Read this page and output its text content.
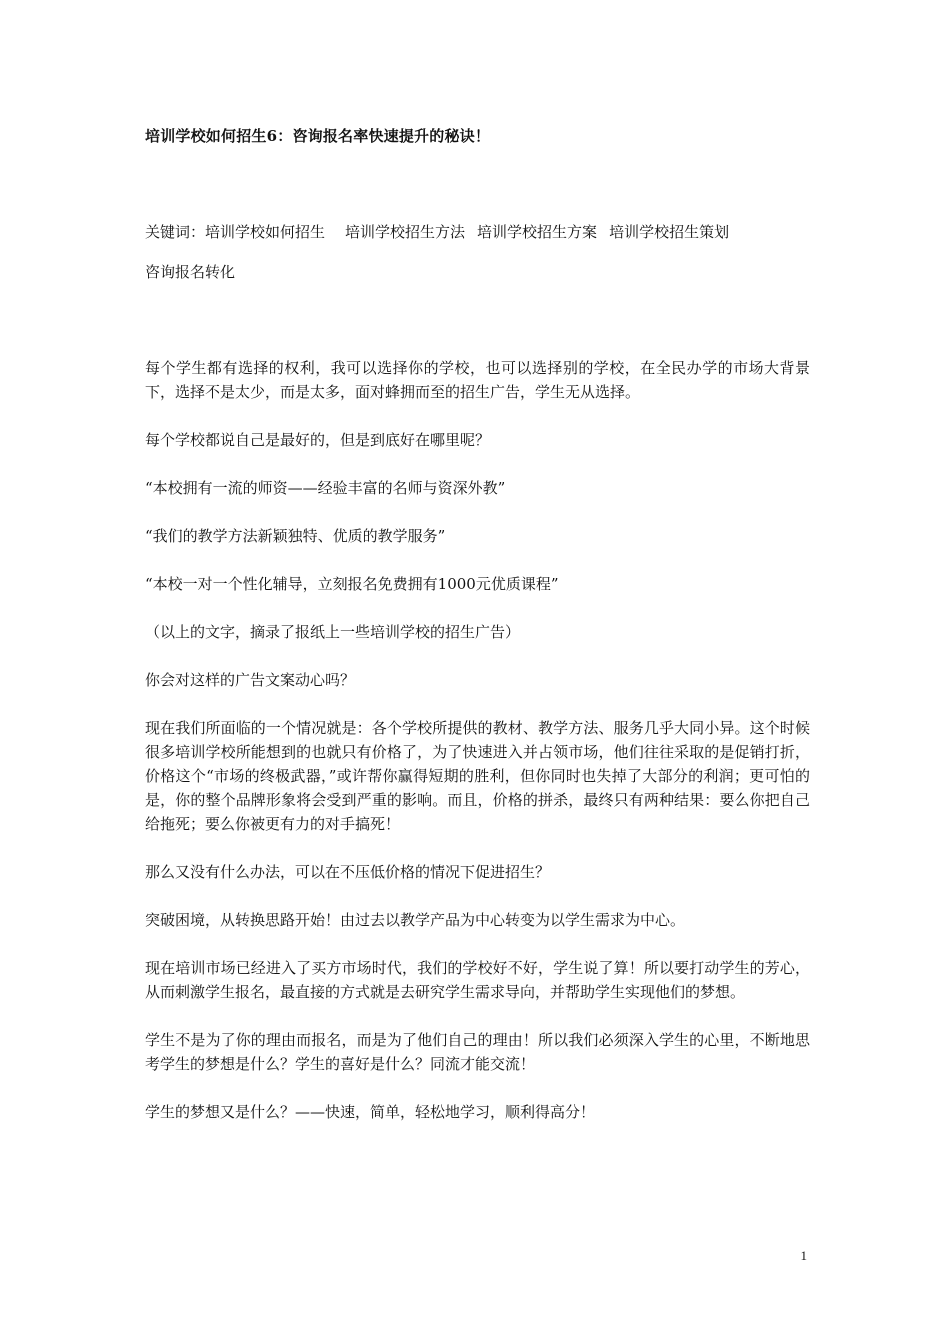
培训学校如何招生6：咨询报名率快速提升的秘诀！
关键词：培训学校如何招生 培训学校招生方法 培训学校招生方案 培训学校招生策划
咨询报名转化

每个学生都有选择的权利，我可以选择你的学校，也可以选择别的学校，在全民办学的市场大背景下，选择不是太少，而是太多，面对蜂拥而至的招生广告，学生无从选择。

每个学校都说自己是最好的，但是到底好在哪里呢？

“本校拥有一流的师资——经验丰富的名师与资深外教”

“我们的教学方法新颖独特、优质的教学服务”

“本校一对一个性化辅导，立刻报名免费拥有1000元优质课程”

（以上的文字，摘录了报纸上一些培训学校的招生广告）

你会对这样的广告文案动心吗？

现在我们所面临的一个情况就是：各个学校所提供的教材、教学方法、服务几乎大同小异。这个时候很多培训学校所能想到的也就只有价格了，为了快速进入并占领市场，他们往往采取的是促销打折，价格这个“市场的终极武器，”或许帮你赢得短期的胜利，但你同时也失掉了大部分的利润；更可怕的是，你的整个品牌形象将会受到严重的影响。而且，价格的拼杀，最终只有两种结果：要么你把自己给拖死；要么你被更有力的对手搞死！

那么又没有什么办法，可以在不压低价格的情况下促进招生？

突破困境，从转换思路开始！由过去以教学产品为中心转变为以学生需求为中心。

现在培训市场已经进入了买方市场时代，我们的学校好不好，学生说了算！所以要打动学生的芳心，从而刺激学生报名，最直接的方式就是去研究学生需求导向，并帮助学生实现他们的梦想。

学生不是为了你的理由而报名，而是为了他们自己的理由！所以我们必须深入学生的心里，不断地思考学生的梦想是什么？学生的喜好是什么？同流才能交流！

学生的梦想又是什么？——快速，简单，轻松地学习，顺利得高分！

1
